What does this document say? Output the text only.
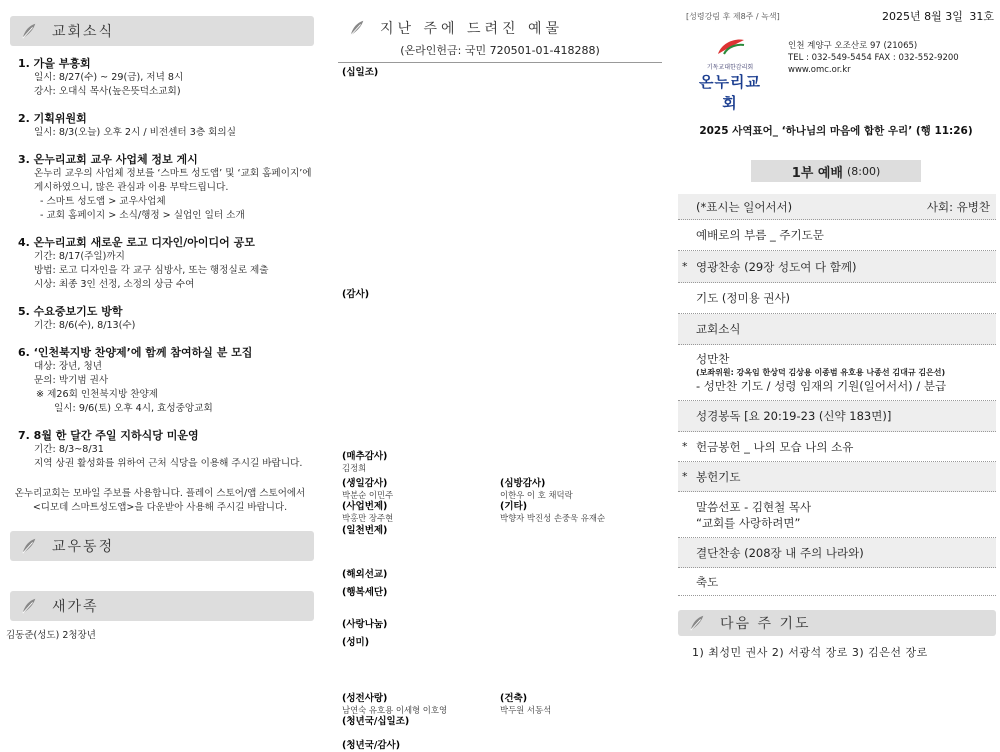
교회소식
1. 가을 부흥회
일시: 8/27(수) ~ 29(금), 저녁 8시
강사: 오대식 목사(높은뜻덕소교회)
2. 기획위원회
일시: 8/3(오늘) 오후 2시 / 비전센터 3층 회의실
3. 온누리교회 교우 사업체 정보 게시
온누리 교우의 사업체 정보를 ‘스마트 성도앱’ 및 ‘교회 홈페이지’에
게시하였으니, 많은 관심과 이용 부탁드립니다.
- 스마트 성도앱 > 교우사업체
- 교회 홈페이지 > 소식/행정 > 실업인 일터 소개
4. 온누리교회 새로운 로고 디자인/아이디어 공모
기간: 8/17(주일)까지
방법: 로고 디자인을 각 교구 심방사, 또는 행정실로 제출
시상: 최종 3인 선정, 소정의 상금 수여
5. 수요중보기도 방학
기간: 8/6(수), 8/13(수)
6. ‘인천북지방 찬양제’에 함께 참여하실 분 모집
대상: 장년, 청년
문의: 박기범 권사
※ 제26회 인천북지방 찬양제
일시: 9/6(토) 오후 4시, 효성중앙교회
7. 8월 한 달간 주일 지하식당 미운영
기간: 8/3~8/31
지역 상권 활성화를 위하여 근처 식당을 이용해 주시길 바랍니다.
온누리교회는 모바일 주보를 사용합니다. 플레이 스토어/앱 스토어에서
<디모데 스마트성도앱>을 다운받아 사용해 주시길 바랍니다.
교우동정
새가족
김동준(성도) 2청장년
지난 주에 드려진 예물
(온라인헌금: 국민 720501-01-418288)
(십일조)
(감사)
(매추감사)
김정희
(생일감사)
박분순 이민주
(사업번제)
박홍만 장주현
(심방감사)
이한우 이 호 채덕락
(기타)
박향자 박진성 손중욱 유재순
(일천번제)
(해외선교)
(행복세단)
(사랑나눔)
(성미)
(성전사랑)
남연숙 유호용 이세형 이호영
(건축)
박두원 서동석
(청년국/십일조)
(청년국/감사)
[성령강림 후 제8주 / 녹색]	2025년 8월 3일 31호
기독교대한감리회
온누리교회
인천 계양구 오조산로 97 (21065)
TEL : 032-549-5454 FAX : 032-552-9200
www.omc.or.kr
2025 사역표어_ ‘하나님의 마음에 합한 우리’ (행 11:26)
1부 예배 (8:00)
(*표시는 일어서서)	사회: 유병찬
예배로의 부름 _ 주기도문
* 영광찬송 (29장 성도여 다 함께)
기도 (정미용 권사)
교회소식
성만찬
(보좌위원: 강옥임 한상덕 김상용 이종범 유호용 나종선 김대규 김은선)
- 성만찬 기도 / 성령 임재의 기원(일어서서) / 분급
성경봉독 [요 20:19-23 (신약 183면)]
* 헌금봉헌 _ 나의 모습 나의 소유
* 봉헌기도
말씀선포 - 김현철 목사
“교회를 사랑하려면”
결단찬송 (208장 내 주의 나라와)
축도
다음 주 기도
1) 최성민 권사 2) 서광석 장로 3) 김은선 장로
